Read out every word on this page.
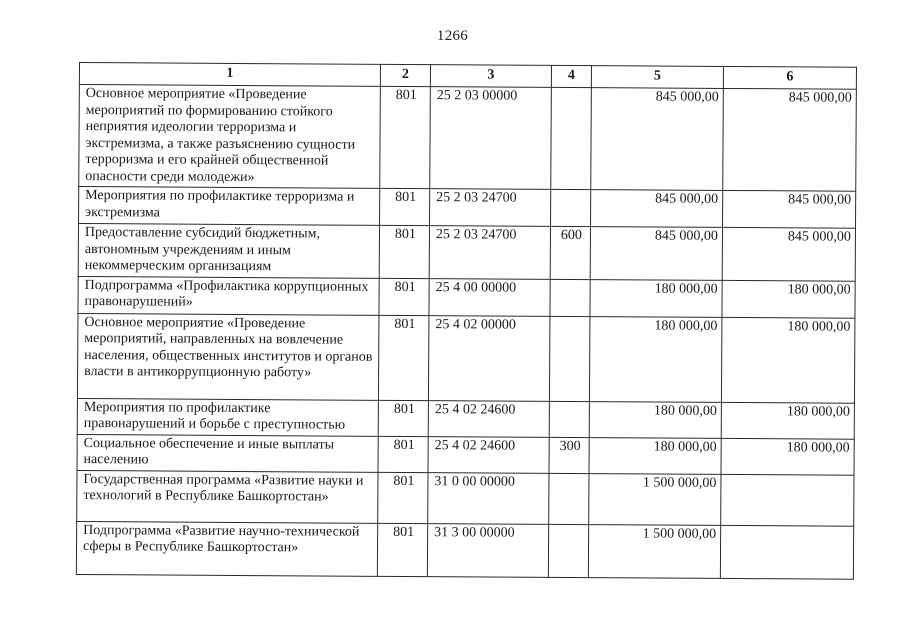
1266
1	2	3	4	5	6
Основное мероприятие «Проведение мероприятий по формированию стойкого неприятия идеологии терроризма и экстремизма, а также разъяснению сущности терроризма и его крайней общественной опасности среди молодежи»	801	25 2 03 00000		845 000,00	845 000,00
Мероприятия по профилактике терроризма и экстремизма	801	25 2 03 24700		845 000,00	845 000,00
Предоставление субсидий бюджетным, автономным учреждениям и иным некоммерческим организациям	801	25 2 03 24700	600	845 000,00	845 000,00
Подпрограмма «Профилактика коррупционных правонарушений»	801	25 4 00 00000		180 000,00	180 000,00
Основное мероприятие «Проведение мероприятий, направленных на вовлечение населения, общественных институтов и органов власти в антикоррупционную работу»	801	25 4 02 00000		180 000,00	180 000,00
Мероприятия по профилактике правонарушений и борьбе с преступностью	801	25 4 02 24600		180 000,00	180 000,00
Социальное обеспечение и иные выплаты населению	801	25 4 02 24600	300	180 000,00	180 000,00
Государственная программа «Развитие науки и технологий в Республике Башкортостан»	801	31 0 00 00000		1 500 000,00	
Подпрограмма «Развитие научно-технической сферы в Республике Башкортостан»	801	31 3 00 00000		1 500 000,00	
